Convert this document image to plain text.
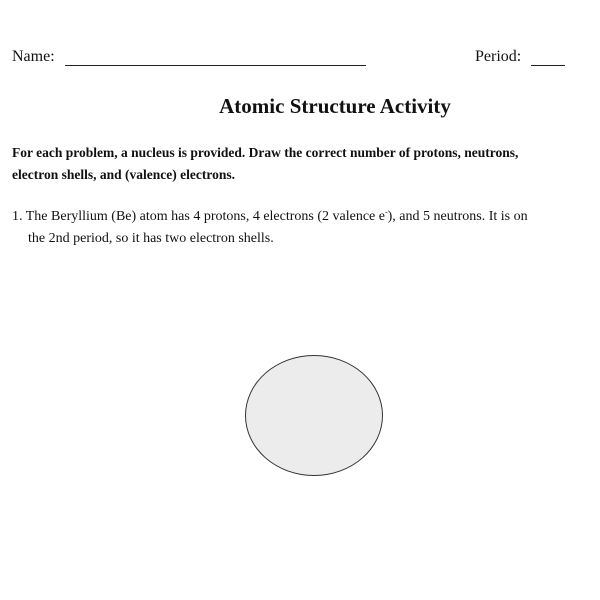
Name:	Period:
Atomic Structure Activity
For each problem, a nucleus is provided. Draw the correct number of protons, neutrons,
electron shells, and (valence) electrons.
1. The Beryllium (Be) atom has 4 protons, 4 electrons (2 valence e-), and 5 neutrons. It is on
the 2nd period, so it has two electron shells.
